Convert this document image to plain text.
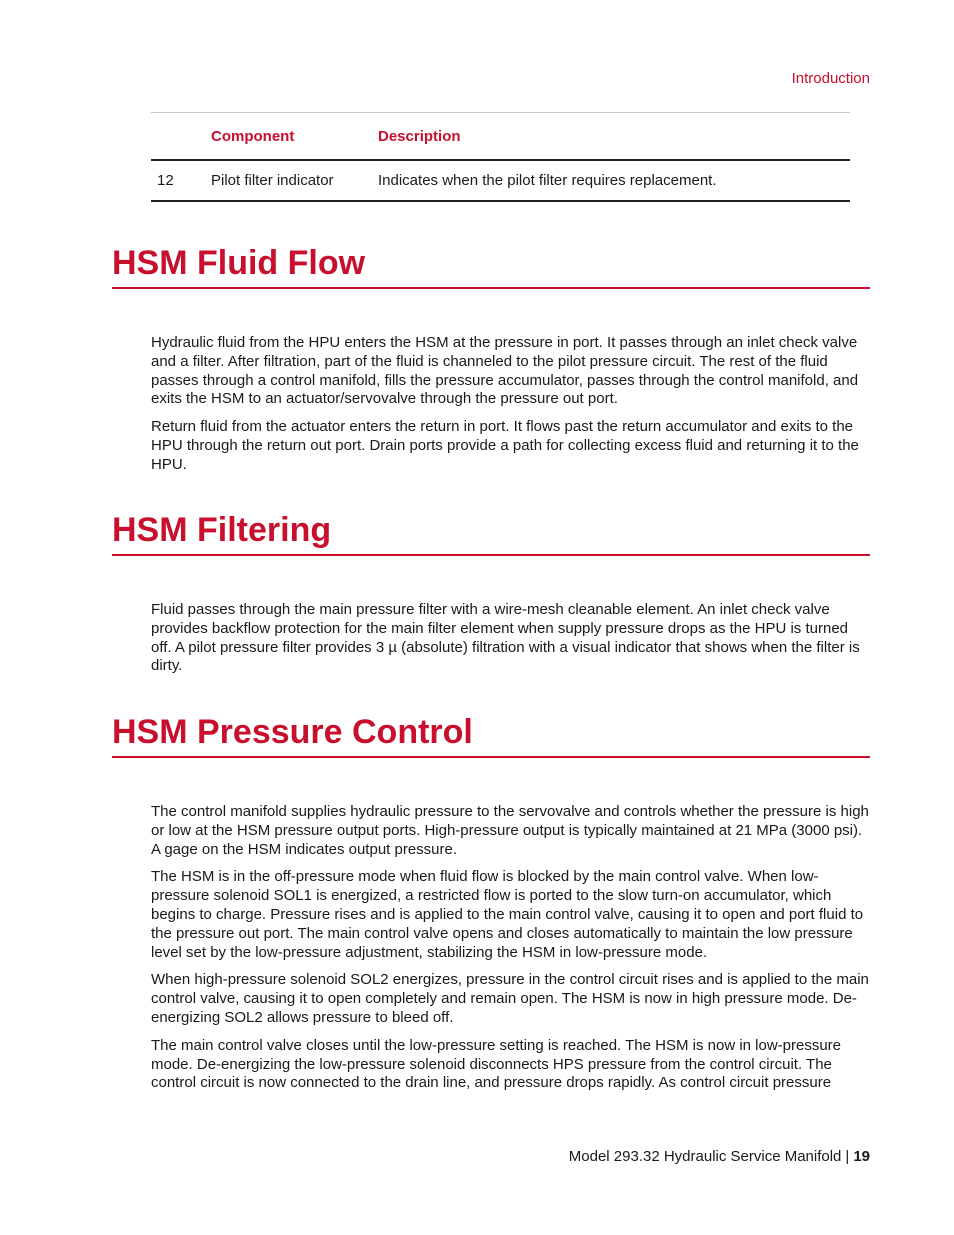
Introduction
	Component	Description
12	Pilot filter indicator	Indicates when the pilot filter requires replacement.
HSM Fluid Flow

Hydraulic fluid from the HPU enters the HSM at the pressure in port. It passes through an inlet check valve and a filter. After filtration, part of the fluid is channeled to the pilot pressure circuit. The rest of the fluid passes through a control manifold, fills the pressure accumulator, passes through the control manifold, and exits the HSM to an actuator/servovalve through the pressure out port.

Return fluid from the actuator enters the return in port. It flows past the return accumulator and exits to the HPU through the return out port. Drain ports provide a path for collecting excess fluid and returning it to the HPU.

HSM Filtering

Fluid passes through the main pressure filter with a wire-mesh cleanable element. An inlet check valve provides backflow protection for the main filter element when supply pressure drops as the HPU is turned off. A pilot pressure filter provides 3 µ (absolute) filtration with a visual indicator that shows when the filter is dirty.

HSM Pressure Control

The control manifold supplies hydraulic pressure to the servovalve and controls whether the pressure is high or low at the HSM pressure output ports. High-pressure output is typically maintained at 21 MPa (3000 psi). A gage on the HSM indicates output pressure.

The HSM is in the off-pressure mode when fluid flow is blocked by the main control valve. When low-pressure solenoid SOL1 is energized, a restricted flow is ported to the slow turn-on accumulator, which begins to charge. Pressure rises and is applied to the main control valve, causing it to open and port fluid to the pressure out port. The main control valve opens and closes automatically to maintain the low pressure level set by the low-pressure adjustment, stabilizing the HSM in low-pressure mode.

When high-pressure solenoid SOL2 energizes, pressure in the control circuit rises and is applied to the main control valve, causing it to open completely and remain open. The HSM is now in high pressure mode. De-energizing SOL2 allows pressure to bleed off.

The main control valve closes until the low-pressure setting is reached. The HSM is now in low-pressure mode. De-energizing the low-pressure solenoid disconnects HPS pressure from the control circuit. The control circuit is now connected to the drain line, and pressure drops rapidly. As control circuit pressure

Model 293.32 Hydraulic Service Manifold | 19
